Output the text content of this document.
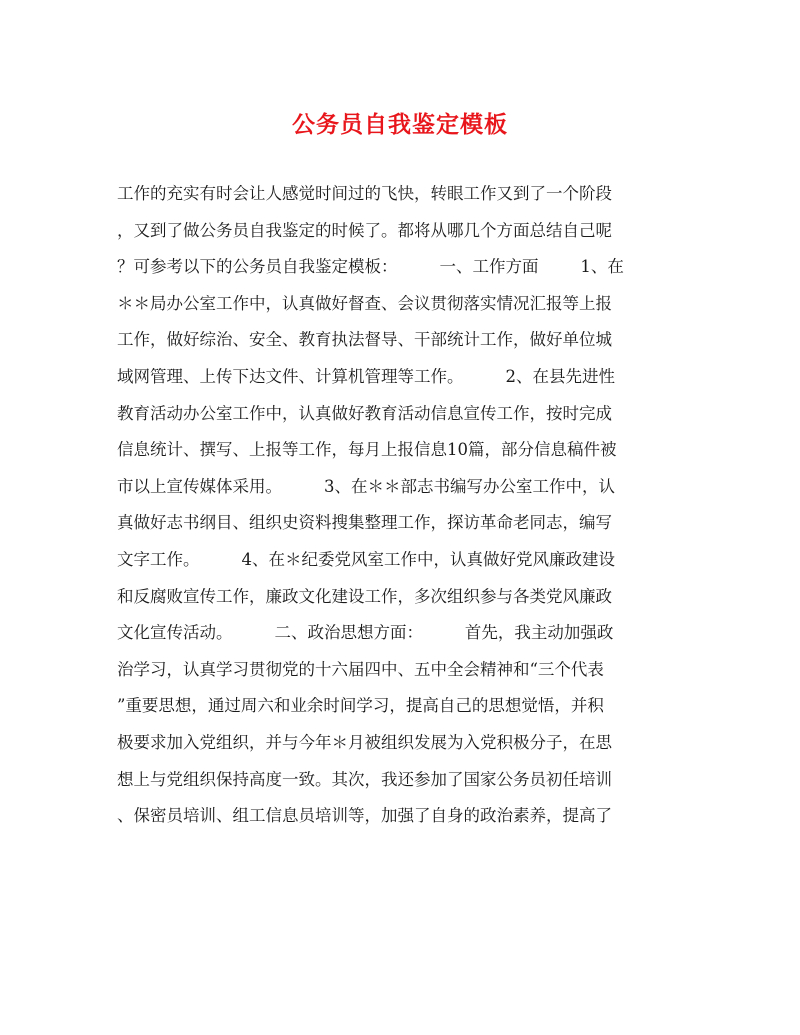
公务员自我鉴定模板
工作的充实有时会让人感觉时间过的飞快，转眼工作又到了一个阶段
，又到了做公务员自我鉴定的时候了。都将从哪几个方面总结自己呢
？可参考以下的公务员自我鉴定模板：        一、工作方面        1、在
＊＊局办公室工作中，认真做好督查、会议贯彻落实情况汇报等上报
工作，做好综治、安全、教育执法督导、干部统计工作，做好单位城
域网管理、上传下达文件、计算机管理等工作。        2、在县先进性
教育活动办公室工作中，认真做好教育活动信息宣传工作，按时完成
信息统计、撰写、上报等工作，每月上报信息10篇，部分信息稿件被
市以上宣传媒体采用。        3、在＊＊部志书编写办公室工作中，认
真做好志书纲目、组织史资料搜集整理工作，探访革命老同志，编写
文字工作。        4、在＊纪委党风室工作中，认真做好党风廉政建设
和反腐败宣传工作，廉政文化建设工作，多次组织参与各类党风廉政
文化宣传活动。        二、政治思想方面：        首先，我主动加强政
治学习，认真学习贯彻党的十六届四中、五中全会精神和“三个代表
”重要思想，通过周六和业余时间学习，提高自己的思想觉悟，并积
极要求加入党组织，并与今年＊月被组织发展为入党积极分子，在思
想上与党组织保持高度一致。其次，我还参加了国家公务员初任培训
、保密员培训、组工信息员培训等，加强了自身的政治素养，提高了
